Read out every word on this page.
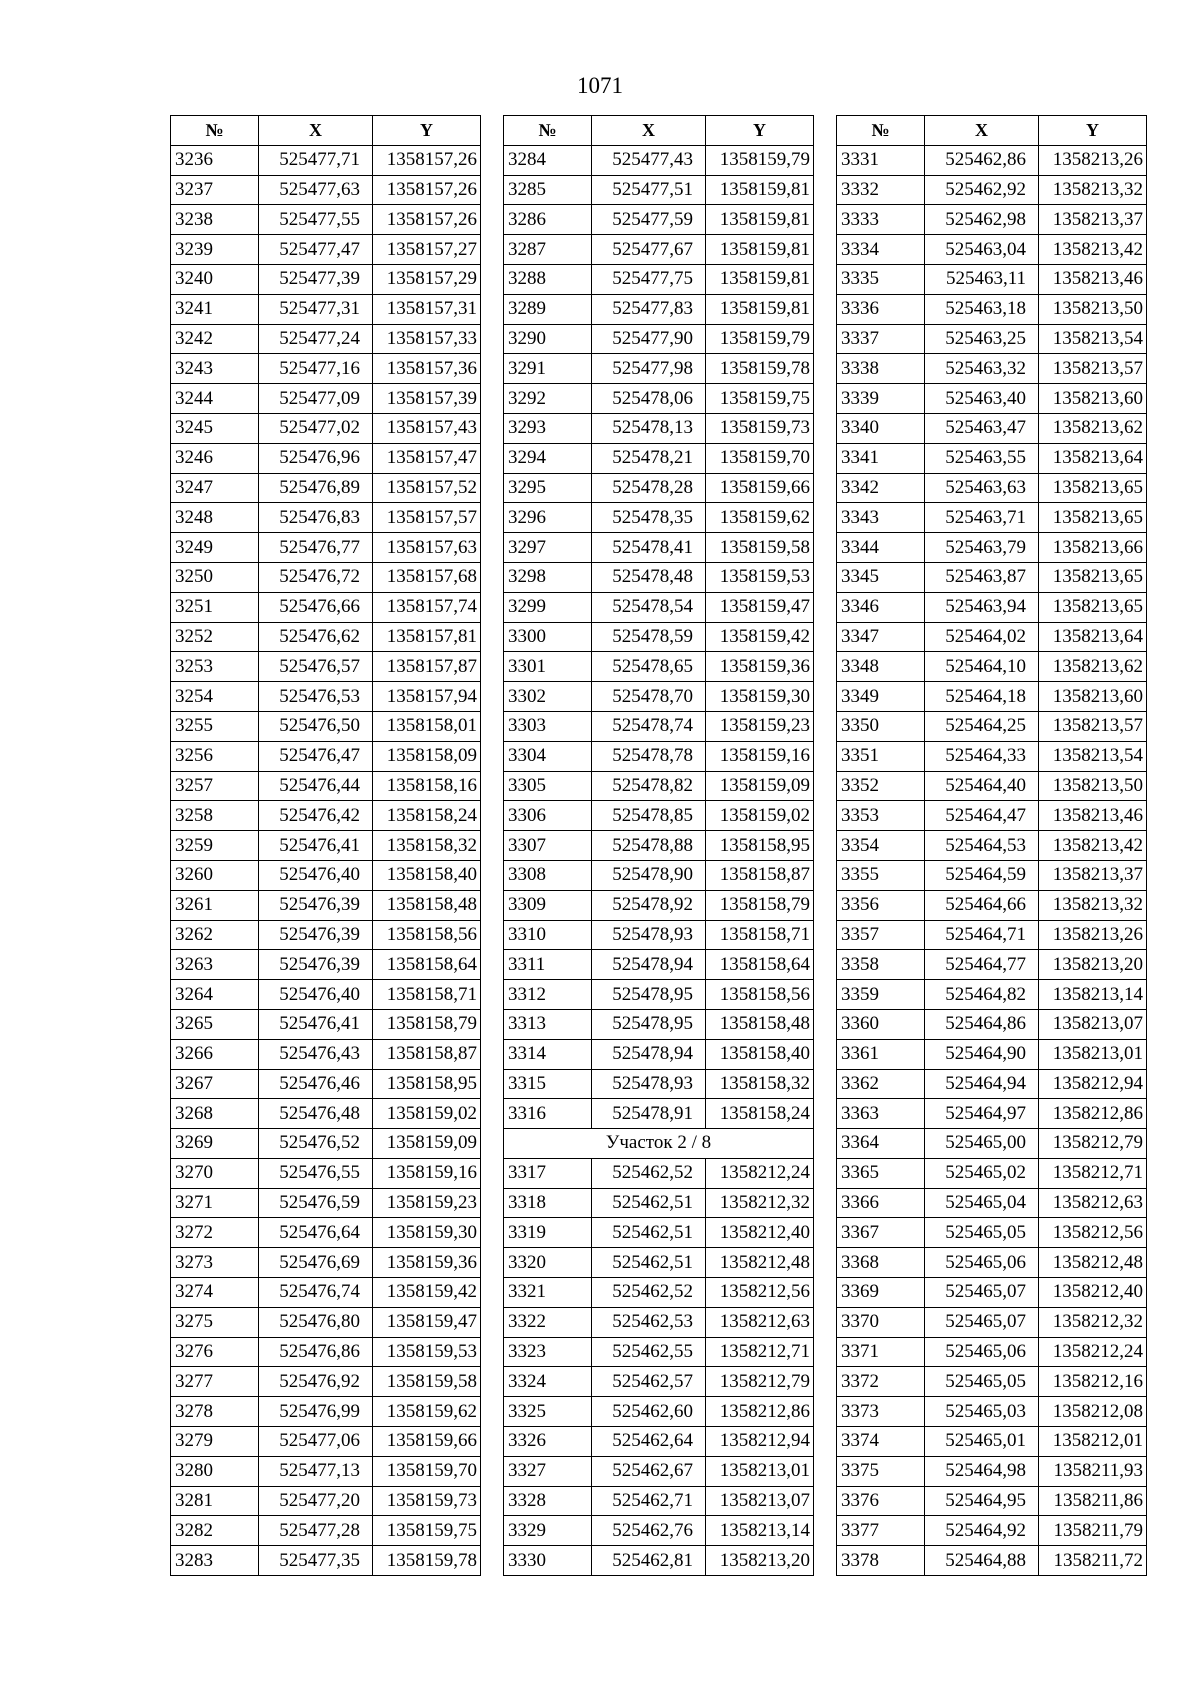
1071
№	X	Y
3236	525477,71	1358157,26
3237	525477,63	1358157,26
3238	525477,55	1358157,26
3239	525477,47	1358157,27
3240	525477,39	1358157,29
3241	525477,31	1358157,31
3242	525477,24	1358157,33
3243	525477,16	1358157,36
3244	525477,09	1358157,39
3245	525477,02	1358157,43
3246	525476,96	1358157,47
3247	525476,89	1358157,52
3248	525476,83	1358157,57
3249	525476,77	1358157,63
3250	525476,72	1358157,68
3251	525476,66	1358157,74
3252	525476,62	1358157,81
3253	525476,57	1358157,87
3254	525476,53	1358157,94
3255	525476,50	1358158,01
3256	525476,47	1358158,09
3257	525476,44	1358158,16
3258	525476,42	1358158,24
3259	525476,41	1358158,32
3260	525476,40	1358158,40
3261	525476,39	1358158,48
3262	525476,39	1358158,56
3263	525476,39	1358158,64
3264	525476,40	1358158,71
3265	525476,41	1358158,79
3266	525476,43	1358158,87
3267	525476,46	1358158,95
3268	525476,48	1358159,02
3269	525476,52	1358159,09
3270	525476,55	1358159,16
3271	525476,59	1358159,23
3272	525476,64	1358159,30
3273	525476,69	1358159,36
3274	525476,74	1358159,42
3275	525476,80	1358159,47
3276	525476,86	1358159,53
3277	525476,92	1358159,58
3278	525476,99	1358159,62
3279	525477,06	1358159,66
3280	525477,13	1358159,70
3281	525477,20	1358159,73
3282	525477,28	1358159,75
3283	525477,35	1358159,78
№	X	Y
3284	525477,43	1358159,79
3285	525477,51	1358159,81
3286	525477,59	1358159,81
3287	525477,67	1358159,81
3288	525477,75	1358159,81
3289	525477,83	1358159,81
3290	525477,90	1358159,79
3291	525477,98	1358159,78
3292	525478,06	1358159,75
3293	525478,13	1358159,73
3294	525478,21	1358159,70
3295	525478,28	1358159,66
3296	525478,35	1358159,62
3297	525478,41	1358159,58
3298	525478,48	1358159,53
3299	525478,54	1358159,47
3300	525478,59	1358159,42
3301	525478,65	1358159,36
3302	525478,70	1358159,30
3303	525478,74	1358159,23
3304	525478,78	1358159,16
3305	525478,82	1358159,09
3306	525478,85	1358159,02
3307	525478,88	1358158,95
3308	525478,90	1358158,87
3309	525478,92	1358158,79
3310	525478,93	1358158,71
3311	525478,94	1358158,64
3312	525478,95	1358158,56
3313	525478,95	1358158,48
3314	525478,94	1358158,40
3315	525478,93	1358158,32
3316	525478,91	1358158,24
Участок 2 / 8		
3317	525462,52	1358212,24
3318	525462,51	1358212,32
3319	525462,51	1358212,40
3320	525462,51	1358212,48
3321	525462,52	1358212,56
3322	525462,53	1358212,63
3323	525462,55	1358212,71
3324	525462,57	1358212,79
3325	525462,60	1358212,86
3326	525462,64	1358212,94
3327	525462,67	1358213,01
3328	525462,71	1358213,07
3329	525462,76	1358213,14
3330	525462,81	1358213,20
№	X	Y
3331	525462,86	1358213,26
3332	525462,92	1358213,32
3333	525462,98	1358213,37
3334	525463,04	1358213,42
3335	525463,11	1358213,46
3336	525463,18	1358213,50
3337	525463,25	1358213,54
3338	525463,32	1358213,57
3339	525463,40	1358213,60
3340	525463,47	1358213,62
3341	525463,55	1358213,64
3342	525463,63	1358213,65
3343	525463,71	1358213,65
3344	525463,79	1358213,66
3345	525463,87	1358213,65
3346	525463,94	1358213,65
3347	525464,02	1358213,64
3348	525464,10	1358213,62
3349	525464,18	1358213,60
3350	525464,25	1358213,57
3351	525464,33	1358213,54
3352	525464,40	1358213,50
3353	525464,47	1358213,46
3354	525464,53	1358213,42
3355	525464,59	1358213,37
3356	525464,66	1358213,32
3357	525464,71	1358213,26
3358	525464,77	1358213,20
3359	525464,82	1358213,14
3360	525464,86	1358213,07
3361	525464,90	1358213,01
3362	525464,94	1358212,94
3363	525464,97	1358212,86
3364	525465,00	1358212,79
3365	525465,02	1358212,71
3366	525465,04	1358212,63
3367	525465,05	1358212,56
3368	525465,06	1358212,48
3369	525465,07	1358212,40
3370	525465,07	1358212,32
3371	525465,06	1358212,24
3372	525465,05	1358212,16
3373	525465,03	1358212,08
3374	525465,01	1358212,01
3375	525464,98	1358211,93
3376	525464,95	1358211,86
3377	525464,92	1358211,79
3378	525464,88	1358211,72
